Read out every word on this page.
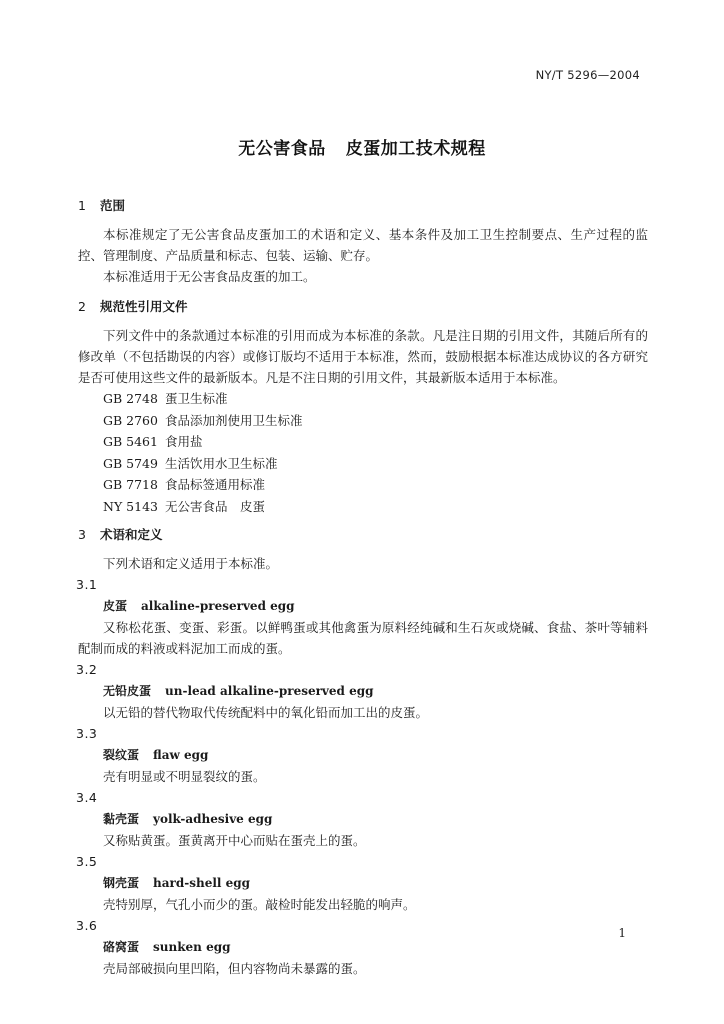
NY/T 5296—2004
无公害食品 皮蛋加工技术规程
1	范围

本标准规定了无公害食品皮蛋加工的术语和定义、基本条件及加工卫生控制要点、生产过程的监控、管理制度、产品质量和标志、包装、运输、贮存。

本标准适用于无公害食品皮蛋的加工。

2	规范性引用文件

下列文件中的条款通过本标准的引用而成为本标准的条款。凡是注日期的引用文件，其随后所有的修改单（不包括勘误的内容）或修订版均不适用于本标准，然而，鼓励根据本标准达成协议的各方研究是否可使用这些文件的最新版本。凡是不注日期的引用文件，其最新版本适用于本标准。

GB 2748 蛋卫生标准
GB 2760 食品添加剂使用卫生标准
GB 5461 食用盐
GB 5749 生活饮用水卫生标准
GB 7718 食品标签通用标准
NY 5143 无公害食品　皮蛋
3	术语和定义

下列术语和定义适用于本标准。

3.1
皮蛋 alkaline-preserved egg

又称松花蛋、变蛋、彩蛋。以鲜鸭蛋或其他禽蛋为原料经纯碱和生石灰或烧碱、食盐、茶叶等辅料配制而成的料液或料泥加工而成的蛋。

3.2
无铅皮蛋 un-lead alkaline-preserved egg

以无铅的替代物取代传统配料中的氧化铅而加工出的皮蛋。

3.3
裂纹蛋 flaw egg

壳有明显或不明显裂纹的蛋。

3.4
黏壳蛋 yolk-adhesive egg

又称贴黄蛋。蛋黄离开中心而贴在蛋壳上的蛋。

3.5
钢壳蛋 hard-shell egg

壳特别厚，气孔小而少的蛋。敲检时能发出轻脆的响声。

3.6
硌窝蛋 sunken egg

壳局部破损向里凹陷，但内容物尚未暴露的蛋。

1
